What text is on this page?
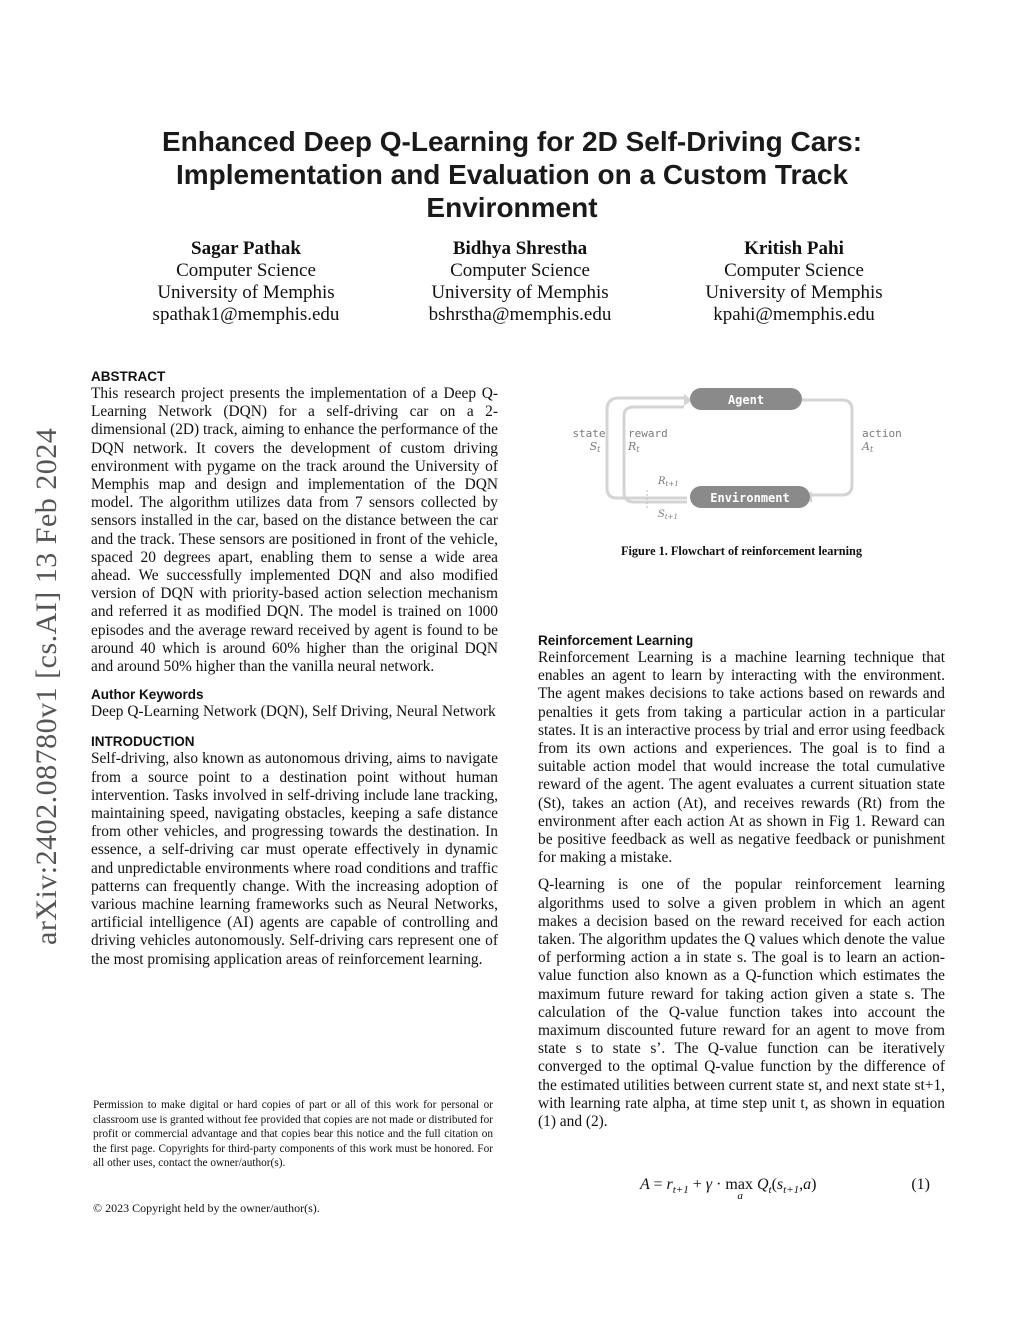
Enhanced Deep Q-Learning for 2D Self-Driving Cars: Implementation and Evaluation on a Custom Track Environment
Sagar Pathak
Computer Science
University of Memphis
spathak1@memphis.edu
Bidhya Shrestha
Computer Science
University of Memphis
bshrstha@memphis.edu
Kritish Pahi
Computer Science
University of Memphis
kpahi@memphis.edu
arXiv:2402.08780v1 [cs.AI] 13 Feb 2024
ABSTRACT

This research project presents the implementation of a Deep Q-Learning Network (DQN) for a self-driving car on a 2-dimensional (2D) track, aiming to enhance the performance of the DQN network. It covers the development of custom driving environment with pygame on the track around the University of Memphis map and design and implementation of the DQN model. The algorithm utilizes data from 7 sensors collected by sensors installed in the car, based on the distance between the car and the track. These sensors are positioned in front of the vehicle, spaced 20 degrees apart, enabling them to sense a wide area ahead. We successfully implemented DQN and also modified version of DQN with priority-based action selection mechanism and referred it as modified DQN. The model is trained on 1000 episodes and the average reward received by agent is found to be around 40 which is around 60% higher than the original DQN and around 50% higher than the vanilla neural network.

Author Keywords

Deep Q-Learning Network (DQN), Self Driving, Neural Network

INTRODUCTION

Self-driving, also known as autonomous driving, aims to navigate from a source point to a destination point without human intervention. Tasks involved in self-driving include lane tracking, maintaining speed, navigating obstacles, keeping a safe distance from other vehicles, and progressing towards the destination. In essence, a self-driving car must operate effectively in dynamic and unpredictable environments where road conditions and traffic patterns can frequently change. With the increasing adoption of various machine learning frameworks such as Neural Networks, artificial intelligence (AI) agents are capable of controlling and driving vehicles autonomously. Self-driving cars represent one of the most promising application areas of reinforcement learning.

Permission to make digital or hard copies of part or all of this work for personal or classroom use is granted without fee provided that copies are not made or distributed for profit or commercial advantage and that copies bear this notice and the full citation on the first page. Copyrights for third-party components of this work must be honored. For all other uses, contact the owner/author(s).
© 2023 Copyright held by the owner/author(s).
Agent
Environment
state
St
reward
Rt
action
At
$R_{t+1}$
$S_{t+1}$
Figure 1. Flowchart of reinforcement learning
Reinforcement Learning

Reinforcement Learning is a machine learning technique that enables an agent to learn by interacting with the environment. The agent makes decisions to take actions based on rewards and penalties it gets from taking a particular action in a particular states. It is an interactive process by trial and error using feedback from its own actions and experiences. The goal is to find a suitable action model that would increase the total cumulative reward of the agent. The agent evaluates a current situation state (St), takes an action (At), and receives rewards (Rt) from the environment after each action At as shown in Fig 1. Reward can be positive feedback as well as negative feedback or punishment for making a mistake.

Q-learning is one of the popular reinforcement learning algorithms used to solve a given problem in which an agent makes a decision based on the reward received for each action taken. The algorithm updates the Q values which denote the value of performing action a in state s. The goal is to learn an action-value function also known as a Q-function which estimates the maximum future reward for taking action given a state s. The calculation of the Q-value function takes into account the maximum discounted future reward for an agent to move from state s to state s’. The Q-value function can be iteratively converged to the optimal Q-value function by the difference of the estimated utilities between current state st, and next state st+1, with learning rate alpha, at time step unit t, as shown in equation (1) and (2).

$A = r_{t+1} + \gamma \cdot \max$
a
$Q_t(s_{t+1},a)$	(1)
